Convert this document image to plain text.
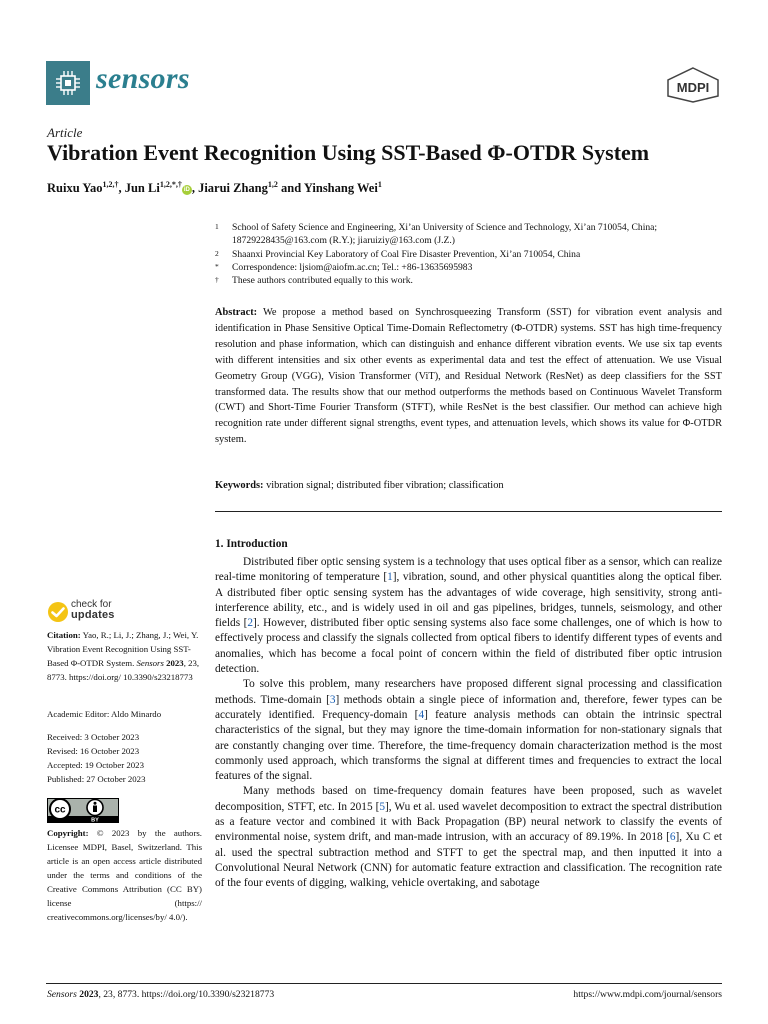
sensors	MDPI
Article
Vibration Event Recognition Using SST-Based Φ-OTDR System
Ruixu Yao$^{1,2,\dagger}$, Jun $Li^{1,2,*,\dagger}iD$ , Jiarui Zhang$^{1,2}$ and Yinshang Wei$^1$
1	School of Safety Science and Engineering, Xi’an University of Science and Technology, Xi’an 710054, China; 18729228435@163.com (R.Y.); jiaruiziy@163.com (J.Z.)
2	Shaanxi Provincial Key Laboratory of Coal Fire Disaster Prevention, Xi’an 710054, China
*	Correspondence: ljsiom@aiofm.ac.cn; Tel.: +86-13635695983
†	These authors contributed equally to this work.
Abstract: We propose a method based on Synchrosqueezing Transform (SST) for vibration event analysis and identification in Phase Sensitive Optical Time-Domain Reflectometry (Φ-OTDR) systems. SST has high time-frequency resolution and phase information, which can distinguish and enhance different vibration events. We use six tap events with different intensities and six other events as experimental data and test the effect of attenuation. We use Visual Geometry Group (VGG), Vision Transformer (ViT), and Residual Network (ResNet) as deep classifiers for the SST transformed data. The results show that our method outperforms the methods based on Continuous Wavelet Transform (CWT) and Short-Time Fourier Transform (STFT), while ResNet is the best classifier. Our method can achieve high recognition rate under different signal strengths, event types, and attenuation levels, which shows its value for Φ-OTDR system.
Keywords: vibration signal; distributed fiber vibration; classification
1. Introduction

Distributed fiber optic sensing system is a technology that uses optical fiber as a sensor, which can realize real-time monitoring of temperature [1], vibration, sound, and other physical quantities along the optical fiber. A distributed fiber optic sensing system has the advantages of wide coverage, high sensitivity, strong anti-interference ability, etc., and is widely used in oil and gas pipelines, bridges, tunnels, seismology, and other fields [2]. However, distributed fiber optic sensing systems also face some challenges, one of which is how to effectively process and classify the signals collected from optical fibers to identify different types of events and anomalies, which has become a focal point of concern within the field of distributed fiber optic intrusion detection.

To solve this problem, many researchers have proposed different signal processing and classification methods. Time-domain [3] methods obtain a single piece of information and, therefore, fewer types can be accurately identified. Frequency-domain [4] feature analysis methods can obtain the intrinsic spectral characteristics of the signal, but they may ignore the time-domain information for non-stationary signals that are constantly changing over time. Therefore, the time-frequency domain characterization method is the most commonly used approach, which transforms the signal at different times and frequencies to extract the local features of the signal.

Many methods based on time-frequency domain features have been proposed, such as wavelet decomposition, STFT, etc. In 2015 [5], Wu et al. used wavelet decomposition to extract the spectral distribution as a feature vector and combined it with Back Propagation (BP) neural network to classify the events of environmental noise, system drift, and man-made intrusion, with an accuracy of 89.19%. In 2018 [6], Xu C et al. used the spectral subtraction method and STFT to get the spectral map, and then inputted it into a Convolutional Neural Network (CNN) for automatic feature extraction and classification. The recognition rate of the four events of digging, walking, vehicle overtaking, and sabotage

check for
updates
Citation: Yao, R.; Li, J.; Zhang, J.; Wei, Y. Vibration Event Recognition Using SST-Based Φ-OTDR System. Sensors 2023, 23, 8773. https://doi.org/ 10.3390/s23218773
Academic Editor: Aldo Minardo
Received: 3 October 2023
Revised: 16 October 2023
Accepted: 19 October 2023
Published: 27 October 2023
cc
BY
Copyright: © 2023 by the authors. Licensee MDPI, Basel, Switzerland. This article is an open access article distributed under the terms and conditions of the Creative Commons Attribution (CC BY) license (https:// creativecommons.org/licenses/by/ 4.0/).
Sensors 2023, 23, 8773. https://doi.org/10.3390/s23218773	https://www.mdpi.com/journal/sensors
